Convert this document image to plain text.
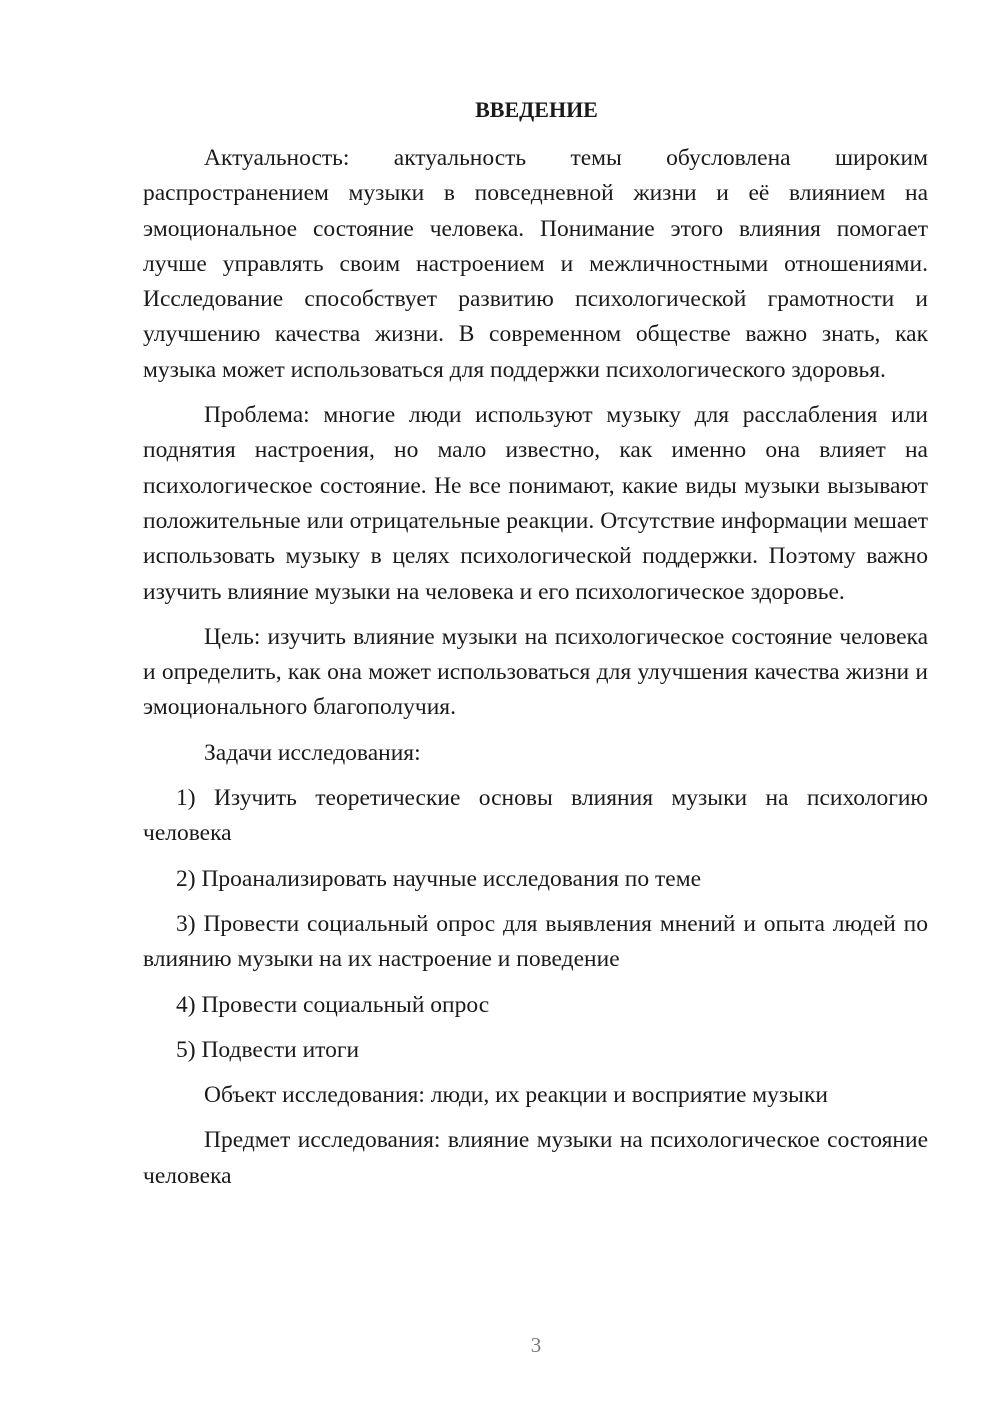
ВВЕДЕНИЕ

Актуальность: актуальность темы обусловлена широким распространением музыки в повседневной жизни и её влиянием на эмоциональное состояние человека. Понимание этого влияния помогает лучше управлять своим настроением и межличностными отношениями. Исследование способствует развитию психологической грамотности и улучшению качества жизни. В современном обществе важно знать, как музыка может использоваться для поддержки психологического здоровья.

Проблема: многие люди используют музыку для расслабления или поднятия настроения, но мало известно, как именно она влияет на психологическое состояние. Не все понимают, какие виды музыки вызывают положительные или отрицательные реакции. Отсутствие информации мешает использовать музыку в целях психологической поддержки. Поэтому важно изучить влияние музыки на человека и его психологическое здоровье.

Цель: изучить влияние музыки на психологическое состояние человека и определить, как она может использоваться для улучшения качества жизни и эмоционального благополучия.

Задачи исследования:

1) Изучить теоретические основы влияния музыки на психологию человека

2) Проанализировать научные исследования по теме

3) Провести социальный опрос для выявления мнений и опыта людей по влиянию музыки на их настроение и поведение

4) Провести социальный опрос

5) Подвести итоги

Объект исследования: люди, их реакции и восприятие музыки

Предмет исследования: влияние музыки на психологическое состояние человека

3
